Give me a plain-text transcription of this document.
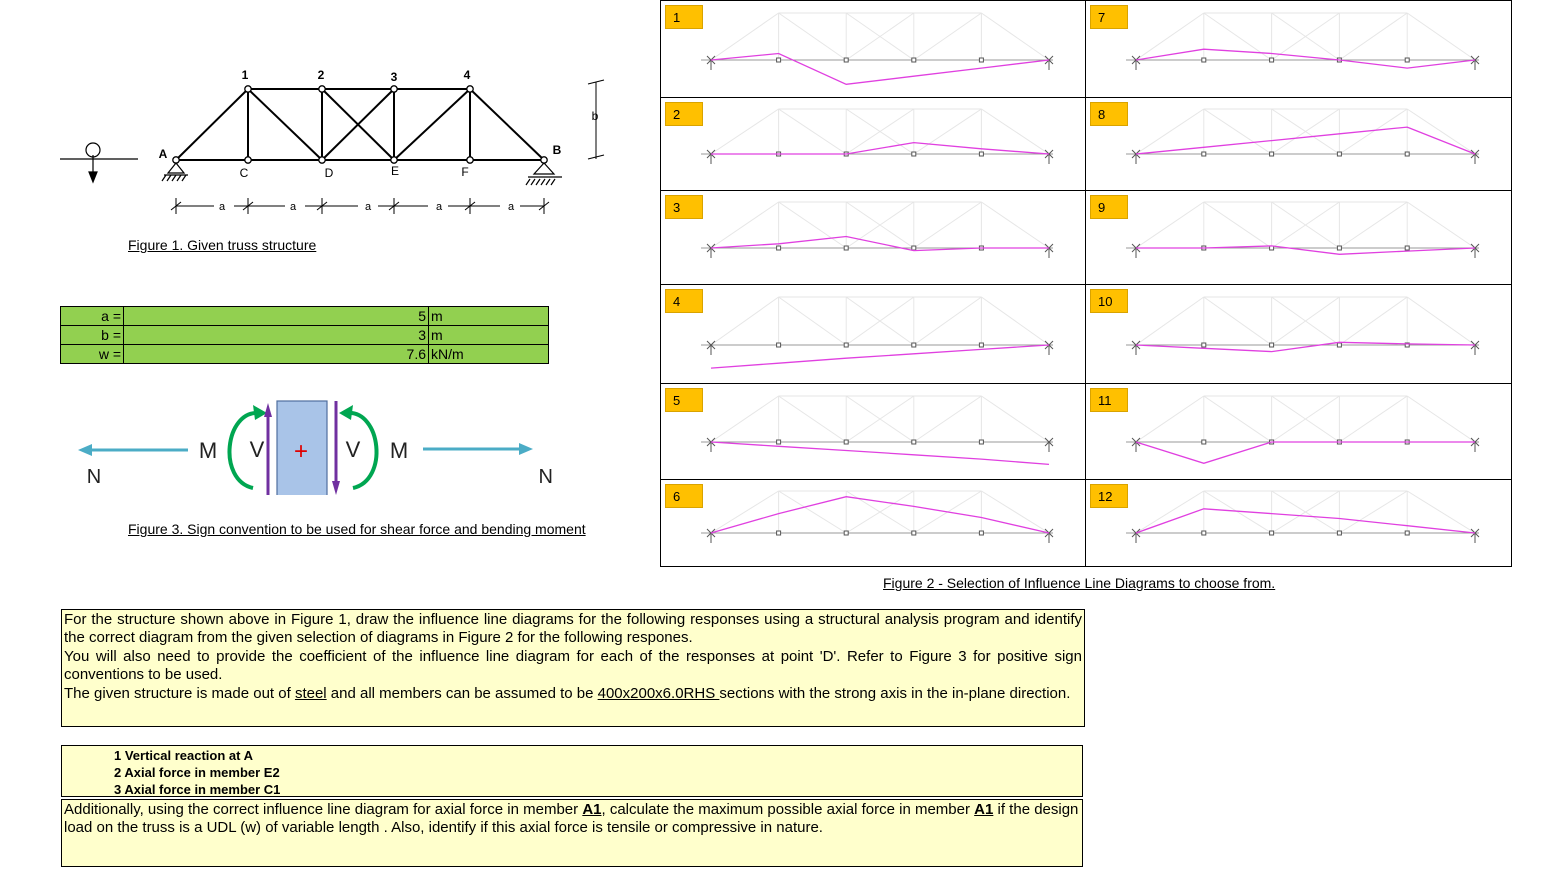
b
a	a	a	a	a
1	2	3	4
A
C	D	E	F
B
Figure 1. Given truss structure
a =	5	m
b =	3	m
w =	7.6	kN/m
+
M V	V M
N	N
Figure 3. Sign convention to be used for shear force and bending moment
1
2
3
4
5
6
7
8
9
10
11
12
Figure 2 - Selection of Influence Line Diagrams to choose from.

For the structure shown above in Figure 1, draw the influence line diagrams for the following responses using a structural analysis program and identify the correct diagram from the given selection of diagrams in Figure 2 for the following respones.

You will also need to provide the coefficient of the influence line diagram for each of the responses at point 'D'. Refer to Figure 3 for positive sign conventions to be used.

The given structure is made out of steel and all members can be assumed to be 400x200x6.0RHS sections with the strong axis in the in-plane direction.

1 Vertical reaction at A
2 Axial force in member E2
3 Axial force in member C1
Additionally, using the correct influence line diagram for axial force in member A1, calculate the maximum possible axial force in member A1 if the design load on the truss is a UDL (w) of variable length . Also, identify if this axial force is tensile or compressive in nature.
